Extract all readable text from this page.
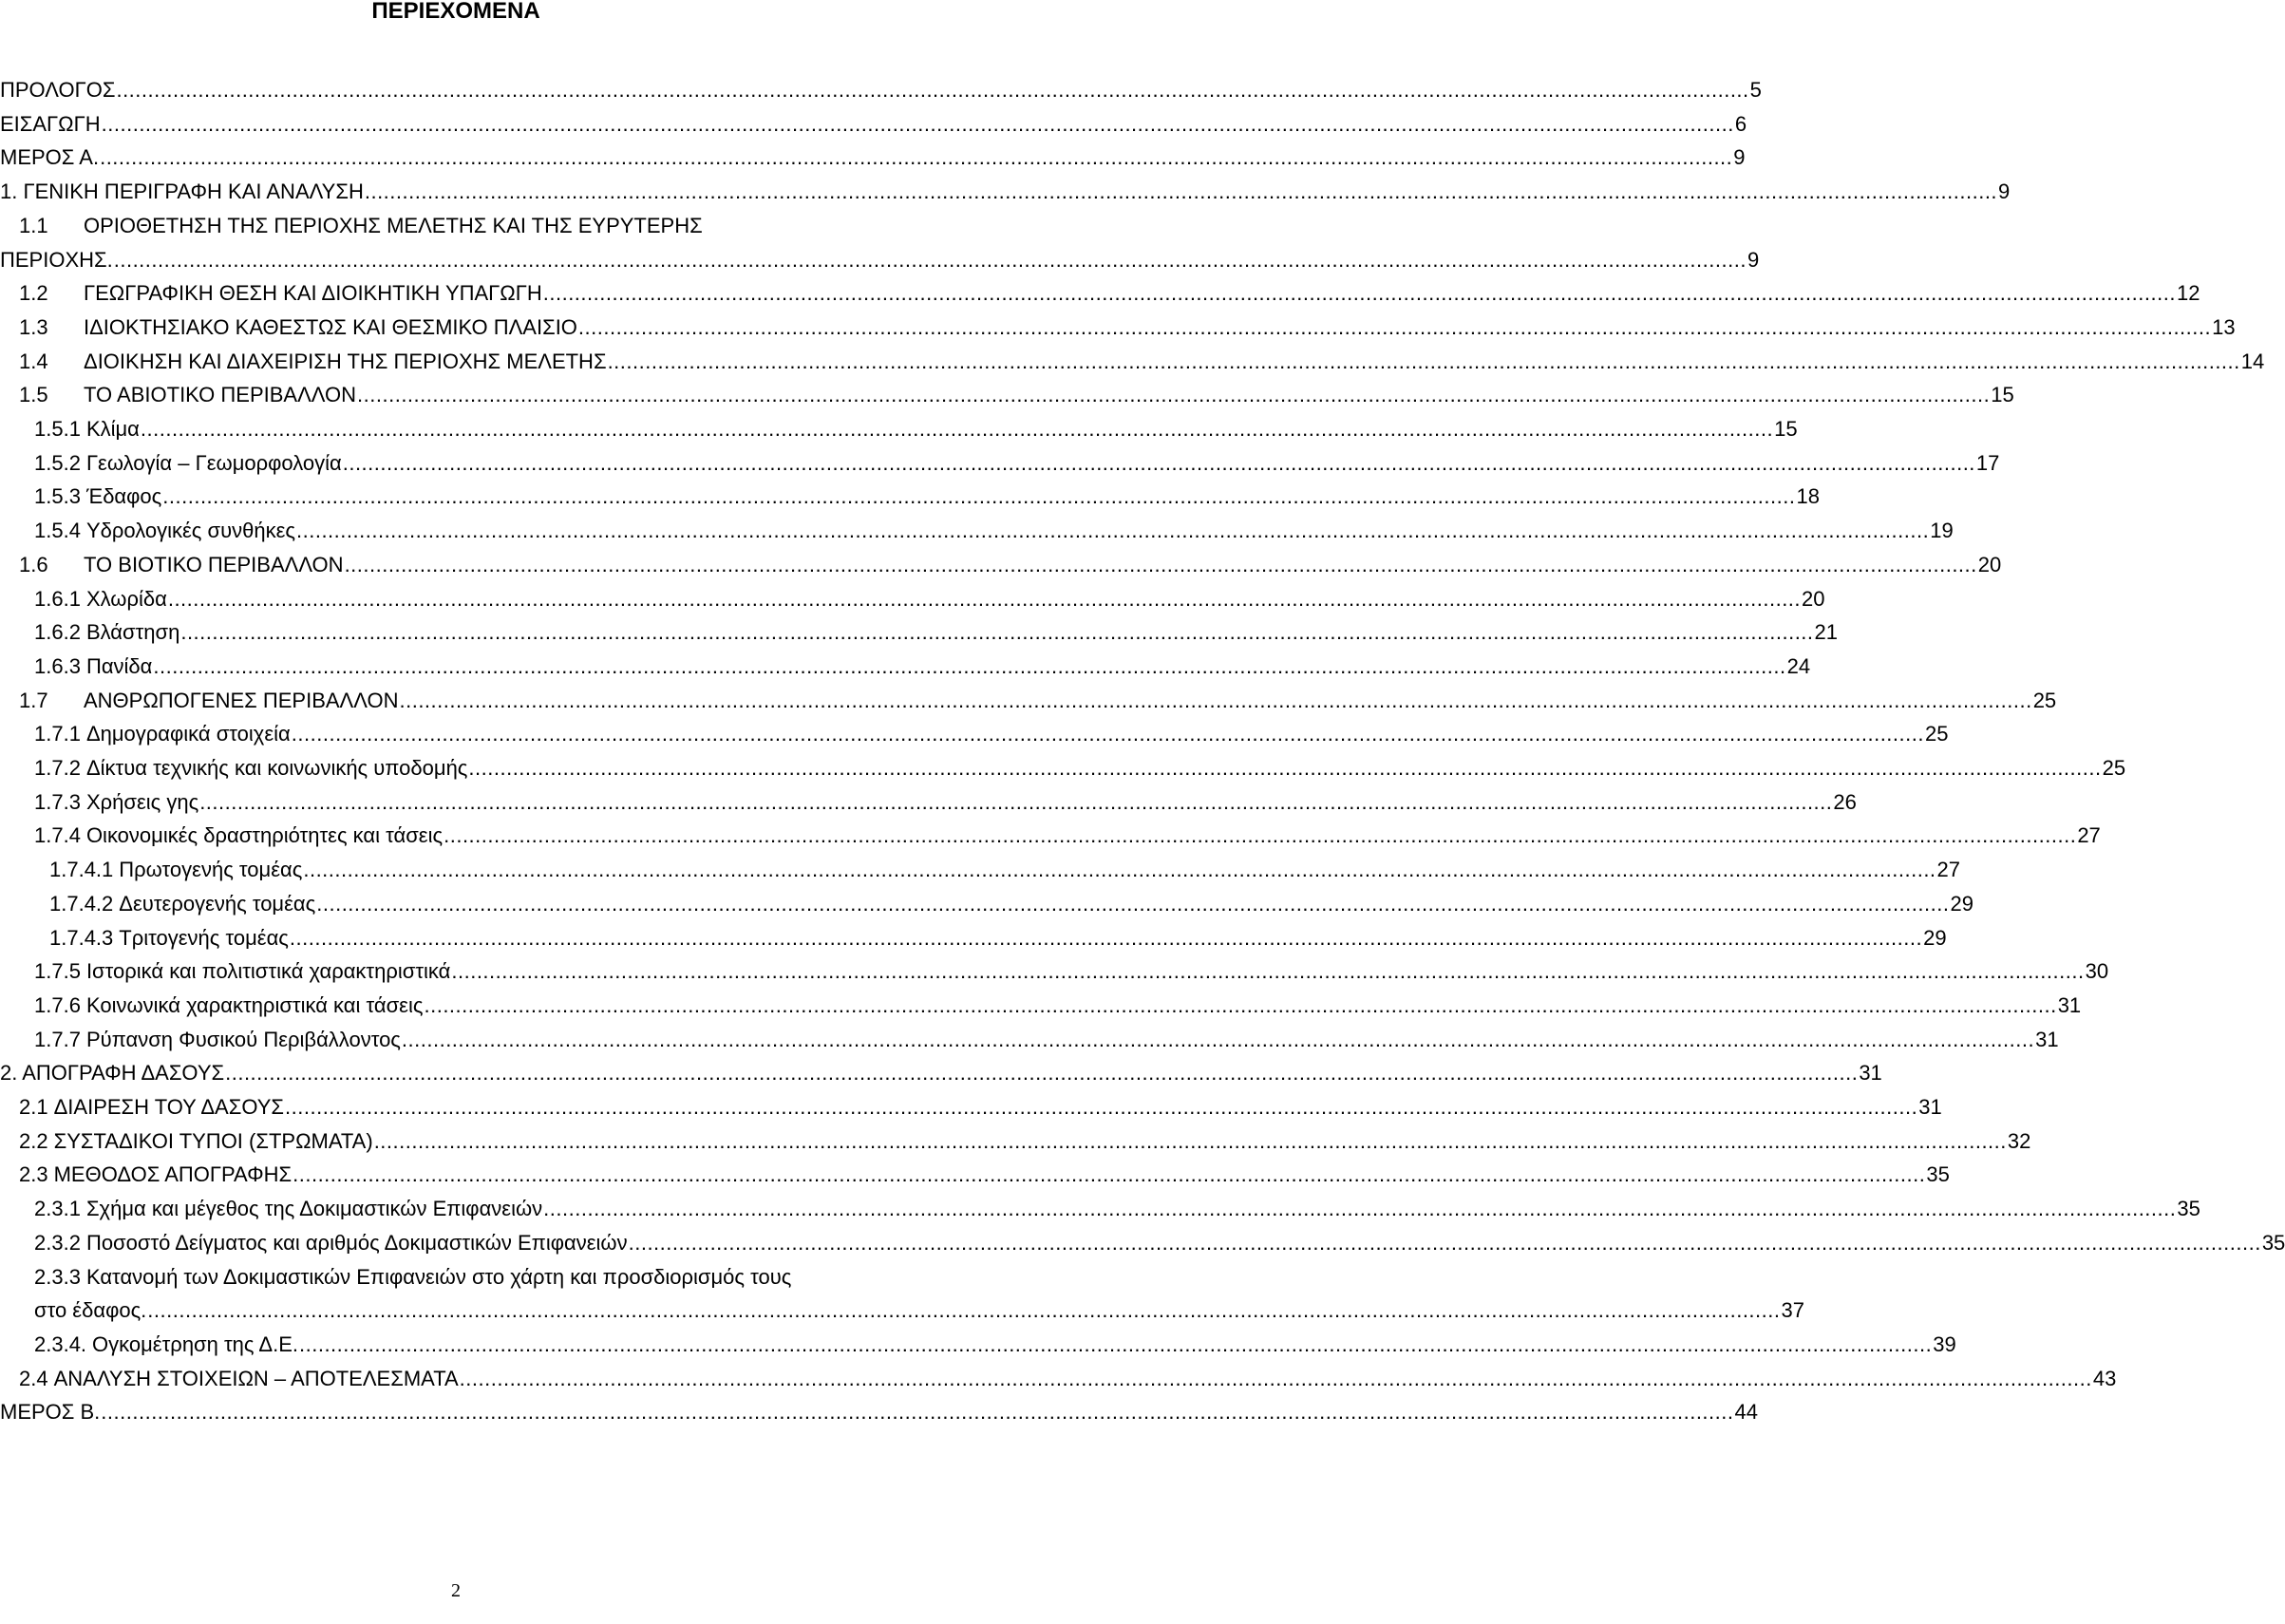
ΠΕΡΙΕΧΟΜΕΝΑ
ΠΡΟΛΟΓΟΣ .................................................................................................................................................................................................................................................................... 5
ΕΙΣΑΓΩΓΗ .................................................................................................................................................................................................................................................................... 6
ΜΕΡΟΣ Α. .................................................................................................................................................................................................................................................................... 9
1. ΓΕΝΙΚΗ ΠΕΡΙΓΡΑΦΗ ΚΑΙ ΑΝΑΛΥΣΗ .................................................................................................................................................................................................................................................................... 9
1.1 ΟΡΙΟΘΕΤΗΣΗ ΤΗΣ ΠΕΡΙΟΧΗΣ ΜΕΛΕΤΗΣ ΚΑΙ ΤΗΣ ΕΥΡΥΤΕΡΗΣ
ΠΕΡΙΟΧΗΣ. .................................................................................................................................................................................................................................................................... 9
1.2	ΓΕΩΓΡΑΦΙΚΗ ΘΕΣΗ ΚΑΙ ΔΙΟΙΚΗΤΙΚΗ ΥΠΑΓΩΓΗ .................................................................................................................................................................................................................................................................... 12
1.3	ΙΔΙΟΚΤΗΣΙΑΚΟ ΚΑΘΕΣΤΩΣ ΚΑΙ ΘΕΣΜΙΚΟ ΠΛΑΙΣΙΟ .................................................................................................................................................................................................................................................................... 13
1.4	ΔΙΟΙΚΗΣΗ ΚΑΙ ΔΙΑΧΕΙΡΙΣΗ ΤΗΣ ΠΕΡΙΟΧΗΣ ΜΕΛΕΤΗΣ .................................................................................................................................................................................................................................................................... 14
1.5	ΤΟ ΑΒΙΟΤΙΚΟ ΠΕΡΙΒΑΛΛΟΝ .................................................................................................................................................................................................................................................................... 15
1.5.1 Κλίμα .................................................................................................................................................................................................................................................................... 15
1.5.2 Γεωλογία – Γεωμορφολογία .................................................................................................................................................................................................................................................................... 17
1.5.3 Έδαφος .................................................................................................................................................................................................................................................................... 18
1.5.4 Υδρολογικές συνθήκες .................................................................................................................................................................................................................................................................... 19
1.6	ΤΟ ΒΙΟΤΙΚΟ ΠΕΡΙΒΑΛΛΟΝ .................................................................................................................................................................................................................................................................... 20
1.6.1 Χλωρίδα .................................................................................................................................................................................................................................................................... 20
1.6.2 Βλάστηση .................................................................................................................................................................................................................................................................... 21
1.6.3 Πανίδα .................................................................................................................................................................................................................................................................... 24
1.7	ΑΝΘΡΩΠΟΓΕΝΕΣ ΠΕΡΙΒΑΛΛΟΝ .................................................................................................................................................................................................................................................................... 25
1.7.1 Δημογραφικά στοιχεία .................................................................................................................................................................................................................................................................... 25
1.7.2 Δίκτυα τεχνικής και κοινωνικής υποδομής .................................................................................................................................................................................................................................................................... 25
1.7.3 Χρήσεις γης .................................................................................................................................................................................................................................................................... 26
1.7.4 Οικονομικές δραστηριότητες και τάσεις .................................................................................................................................................................................................................................................................... 27
1.7.4.1 Πρωτογενής τομέας .................................................................................................................................................................................................................................................................... 27
1.7.4.2 Δευτερογενής τομέας .................................................................................................................................................................................................................................................................... 29
1.7.4.3 Τριτογενής τομέας .................................................................................................................................................................................................................................................................... 29
1.7.5 Ιστορικά και πολιτιστικά χαρακτηριστικά .................................................................................................................................................................................................................................................................... 30
1.7.6 Κοινωνικά χαρακτηριστικά και τάσεις .................................................................................................................................................................................................................................................................... 31
1.7.7 Ρύπανση Φυσικού Περιβάλλοντος .................................................................................................................................................................................................................................................................... 31
2. ΑΠΟΓΡΑΦΗ ΔΑΣΟΥΣ .................................................................................................................................................................................................................................................................... 31
2.1 ΔΙΑΙΡΕΣΗ ΤΟΥ ΔΑΣΟΥΣ .................................................................................................................................................................................................................................................................... 31
2.2 ΣΥΣΤΑΔΙΚΟΙ ΤΥΠΟΙ (ΣΤΡΩΜΑΤΑ) .................................................................................................................................................................................................................................................................... 32
2.3 ΜΕΘΟΔΟΣ ΑΠΟΓΡΑΦΗΣ .................................................................................................................................................................................................................................................................... 35
2.3.1 Σχήμα και μέγεθος της Δοκιμαστικών Επιφανειών .................................................................................................................................................................................................................................................................... 35
2.3.2 Ποσοστό Δείγματος και αριθμός Δοκιμαστικών Επιφανειών .................................................................................................................................................................................................................................................................... 35
2.3.3 Κατανομή των Δοκιμαστικών Επιφανειών στο χάρτη και προσδιορισμός τους
στο έδαφος. .................................................................................................................................................................................................................................................................... 37
2.3.4. Ογκομέτρηση της Δ.Ε. .................................................................................................................................................................................................................................................................... 39
2.4 ΑΝΑΛΥΣΗ ΣΤΟΙΧΕΙΩΝ – ΑΠΟΤΕΛΕΣΜΑΤΑ .................................................................................................................................................................................................................................................................... 43
ΜΕΡΟΣ Β. .................................................................................................................................................................................................................................................................... 44
2
